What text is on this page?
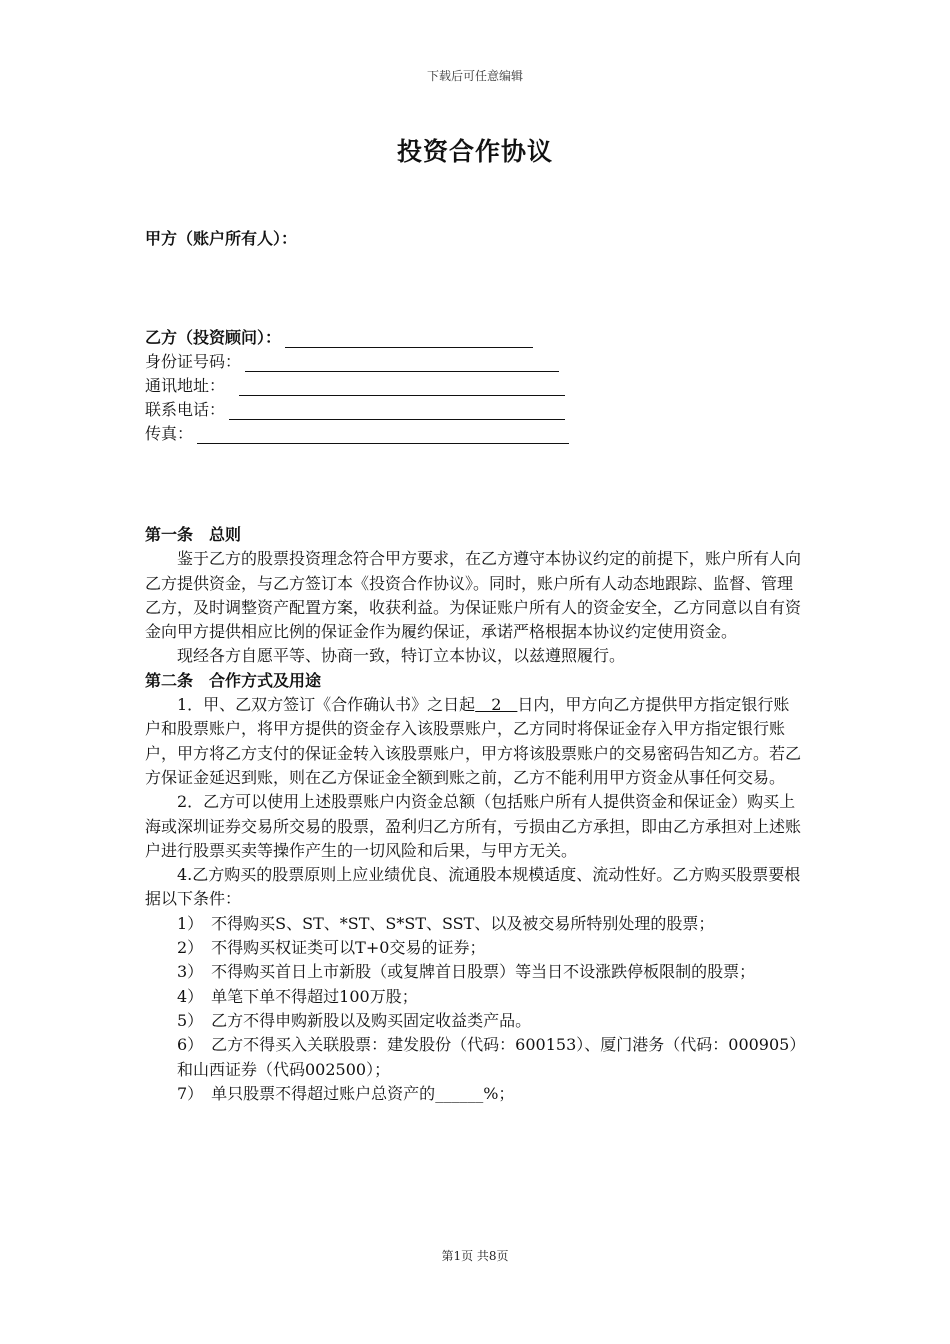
下载后可任意编辑
投资合作协议
甲方（账户所有人）：
乙方（投资顾问）：
身份证号码：
通讯地址：
联系电话：
传真：

第一条 总则

鉴于乙方的股票投资理念符合甲方要求，在乙方遵守本协议约定的前提下，账户所有人向乙方提供资金，与乙方签订本《投资合作协议》。同时，账户所有人动态地跟踪、监督、管理乙方，及时调整资产配置方案，收获利益。为保证账户所有人的资金安全，乙方同意以自有资金向甲方提供相应比例的保证金作为履约保证，承诺严格根据本协议约定使用资金。

现经各方自愿平等、协商一致，特订立本协议，以兹遵照履行。

第二条 合作方式及用途

1．甲、乙双方签订《合作确认书》之日起　2　日内，甲方向乙方提供甲方指定银行账户和股票账户，将甲方提供的资金存入该股票账户，乙方同时将保证金存入甲方指定银行账户，甲方将乙方支付的保证金转入该股票账户，甲方将该股票账户的交易密码告知乙方。若乙方保证金延迟到账，则在乙方保证金全额到账之前，乙方不能利用甲方资金从事任何交易。

2．乙方可以使用上述股票账户内资金总额（包括账户所有人提供资金和保证金）购买上海或深圳证券交易所交易的股票，盈利归乙方所有，亏损由乙方承担，即由乙方承担对上述账户进行股票买卖等操作产生的一切风险和后果，与甲方无关。

4.乙方购买的股票原则上应业绩优良、流通股本规模适度、流动性好。乙方购买股票要根据以下条件：

1）　不得购买S、ST、*ST、S*ST、SST、以及被交易所特别处理的股票；

2）　不得购买权证类可以T+0交易的证券；

3）　不得购买首日上市新股（或复牌首日股票）等当日不设涨跌停板限制的股票；

4）　单笔下单不得超过100万股；

5）　乙方不得申购新股以及购买固定收益类产品。

6）　乙方不得买入关联股票：建发股份（代码：600153）、厦门港务（代码：000905）和山西证券（代码002500）；

7）　单只股票不得超过账户总资产的______%；

第1页 共8页
